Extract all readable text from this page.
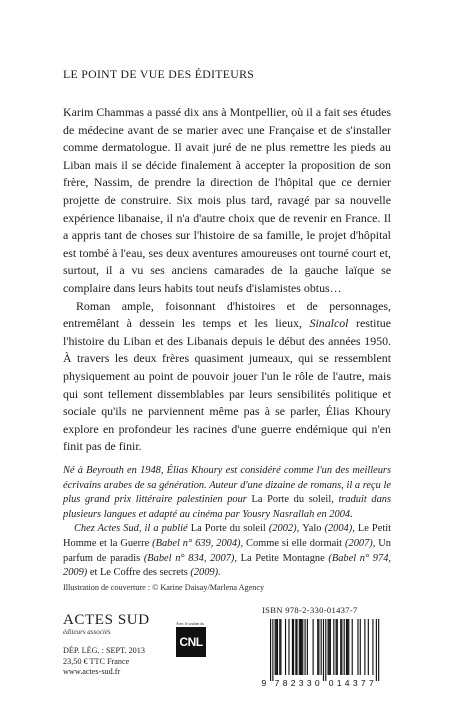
LE POINT DE VUE DES ÉDITEURS

Karim Chammas a passé dix ans à Montpellier, où il a fait ses études de médecine avant de se marier avec une Française et de s'installer comme dermatologue. Il avait juré de ne plus remettre les pieds au Liban mais il se décide finalement à accepter la proposition de son frère, Nassim, de prendre la direction de l'hôpital que ce dernier projette de construire. Six mois plus tard, ravagé par sa nouvelle expérience libanaise, il n'a d'autre choix que de revenir en France. Il a appris tant de choses sur l'histoire de sa famille, le projet d'hôpital est tombé à l'eau, ses deux aventures amoureuses ont tourné court et, surtout, il a vu ses anciens camarades de la gauche laïque se complaire dans leurs habits tout neufs d'islamistes obtus…

Roman ample, foisonnant d'histoires et de personnages, entremêlant à dessein les temps et les lieux, Sinalcol restitue l'histoire du Liban et des Libanais depuis le début des années 1950. À travers les deux frères quasiment jumeaux, qui se ressemblent physiquement au point de pouvoir jouer l'un le rôle de l'autre, mais qui sont tellement dissemblables par leurs sensibilités politique et sociale qu'ils ne parviennent même pas à se parler, Élias Khoury explore en profondeur les racines d'une guerre endémique qui n'en finit pas de finir.

Né à Beyrouth en 1948, Élias Khoury est considéré comme l'un des meilleurs écrivains arabes de sa génération. Auteur d'une dizaine de romans, il a reçu le plus grand prix littéraire palestinien pour La Porte du soleil, traduit dans plusieurs langues et adapté au cinéma par Yousry Nasrallah en 2004.

Chez Actes Sud, il a publié La Porte du soleil (2002), Yalo (2004), Le Petit Homme et la Guerre (Babel n° 639, 2004), Comme si elle dormait (2007), Un parfum de paradis (Babel n° 834, 2007), La Petite Montagne (Babel n° 974, 2009) et Le Coffre des secrets (2009).

Illustration de couverture : © Karine Daisay/Marlena Agency
ACTES SUD
éditeurs associés
DÉP. LÉG. : SEPT. 2013
23,50 € TTC France
www.actes-sud.fr
Avec le soutien du
CNL
ISBN 978-2-330-01437-7
9 7 8 2 3 3 0 0 1 4 3 7 7
